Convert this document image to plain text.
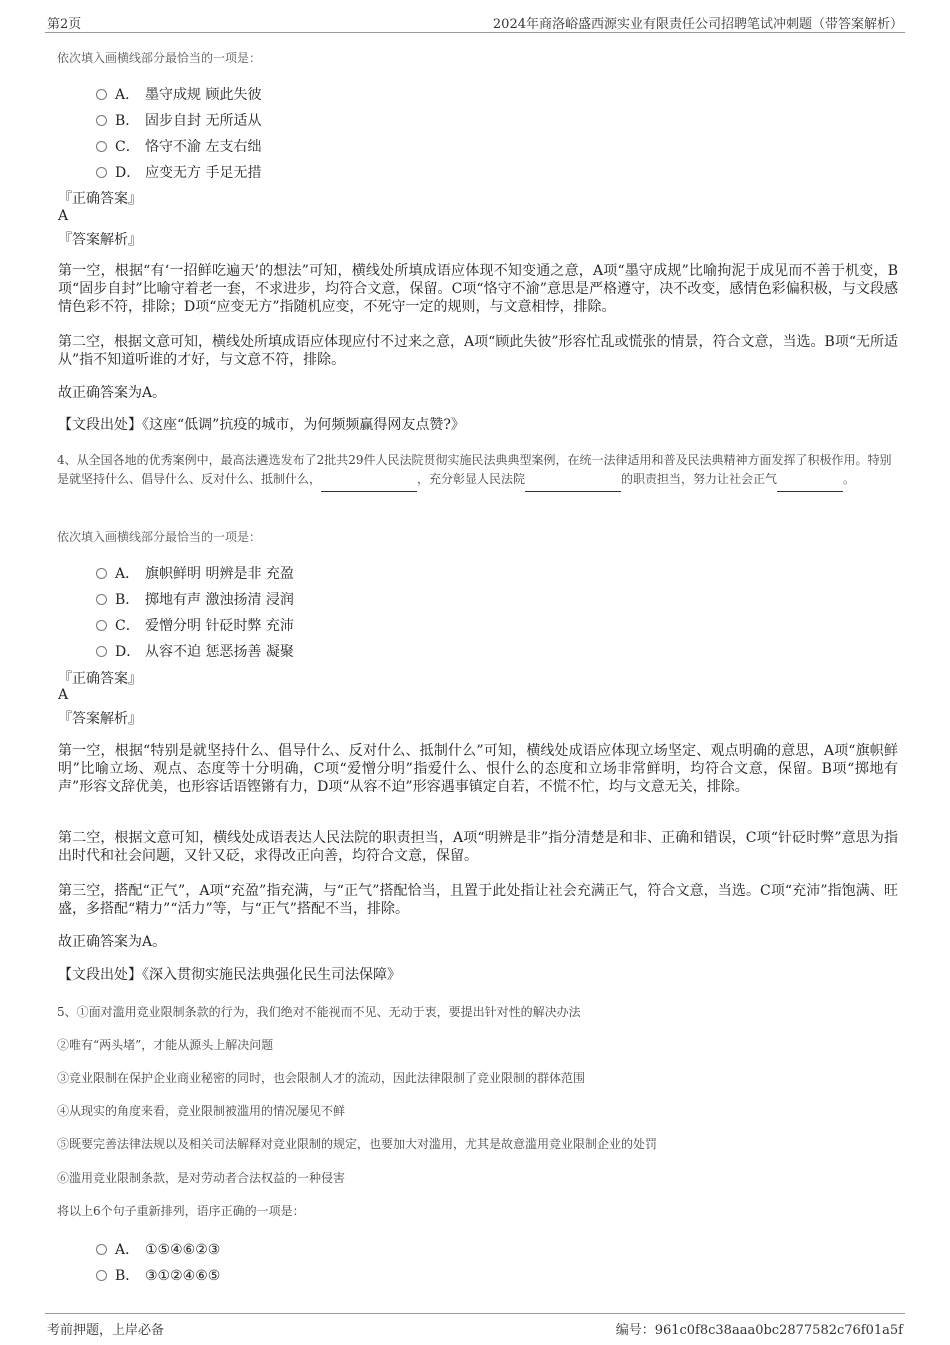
第2页	2024年商洛峪盛西源实业有限责任公司招聘笔试冲刺题（带答案解析）
依次填入画横线部分最恰当的一项是：
A． 墨守成规 顾此失彼
B． 固步自封 无所适从
C． 恪守不渝 左支右绌
D． 应变无方 手足无措
『正确答案』
A
『答案解析』
第一空，根据“有‘一招鲜吃遍天’的想法”可知，横线处所填成语应体现不知变通之意，A项“墨守成规”比喻拘泥于成见而不善于机变，B项“固步自封”比喻守着老一套，不求进步，均符合文意，保留。C项“恪守不渝”意思是严格遵守，决不改变，感情色彩偏积极，与文段感情色彩不符，排除；D项“应变无方”指随机应变，不死守一定的规则，与文意相悖，排除。
第二空，根据文意可知，横线处所填成语应体现应付不过来之意，A项“顾此失彼”形容忙乱或慌张的情景，符合文意，当选。B项“无所适从”指不知道听谁的才好，与文意不符，排除。
故正确答案为A。
【文段出处】《这座“低调”抗疫的城市，为何频频赢得网友点赞?》
4、从全国各地的优秀案例中，最高法遴选发布了2批共29件人民法院贯彻实施民法典典型案例，在统一法律适用和普及民法典精神方面发挥了积极作用。特别是就坚持什么、倡导什么、反对什么、抵制什么，	，充分彰显人民法院	的职责担当，努力让社会正气	。
依次填入画横线部分最恰当的一项是：
A． 旗帜鲜明 明辨是非 充盈
B． 掷地有声 激浊扬清 浸润
C． 爱憎分明 针砭时弊 充沛
D． 从容不迫 惩恶扬善 凝聚
『正确答案』
A
『答案解析』
第一空，根据“特别是就坚持什么、倡导什么、反对什么、抵制什么”可知，横线处成语应体现立场坚定、观点明确的意思，A项“旗帜鲜明”比喻立场、观点、态度等十分明确，C项“爱憎分明”指爱什么、恨什么的态度和立场非常鲜明，均符合文意，保留。B项“掷地有声”形容文辞优美，也形容话语铿锵有力，D项“从容不迫”形容遇事镇定自若，不慌不忙，均与文意无关，排除。
第二空，根据文意可知，横线处成语表达人民法院的职责担当，A项“明辨是非”指分清楚是和非、正确和错误，C项“针砭时弊”意思为指出时代和社会问题，又针又砭，求得改正向善，均符合文意，保留。
第三空，搭配“正气”，A项“充盈”指充满，与“正气”搭配恰当，且置于此处指让社会充满正气，符合文意，当选。C项“充沛”指饱满、旺盛，多搭配“精力”“活力”等，与“正气”搭配不当，排除。
故正确答案为A。
【文段出处】《深入贯彻实施民法典强化民生司法保障》
5、①面对滥用竞业限制条款的行为，我们绝对不能视而不见、无动于衷，要提出针对性的解决办法
②唯有“两头堵”，才能从源头上解决问题
③竞业限制在保护企业商业秘密的同时，也会限制人才的流动，因此法律限制了竞业限制的群体范围
④从现实的角度来看，竞业限制被滥用的情况屡见不鲜
⑤既要完善法律法规以及相关司法解释对竞业限制的规定，也要加大对滥用，尤其是故意滥用竞业限制企业的处罚
⑥滥用竞业限制条款，是对劳动者合法权益的一种侵害
将以上6个句子重新排列，语序正确的一项是：
A． ①⑤④⑥②③
B． ③①②④⑥⑤
考前押题，上岸必备	编号：961c0f8c38aaa0bc2877582c76f01a5f
